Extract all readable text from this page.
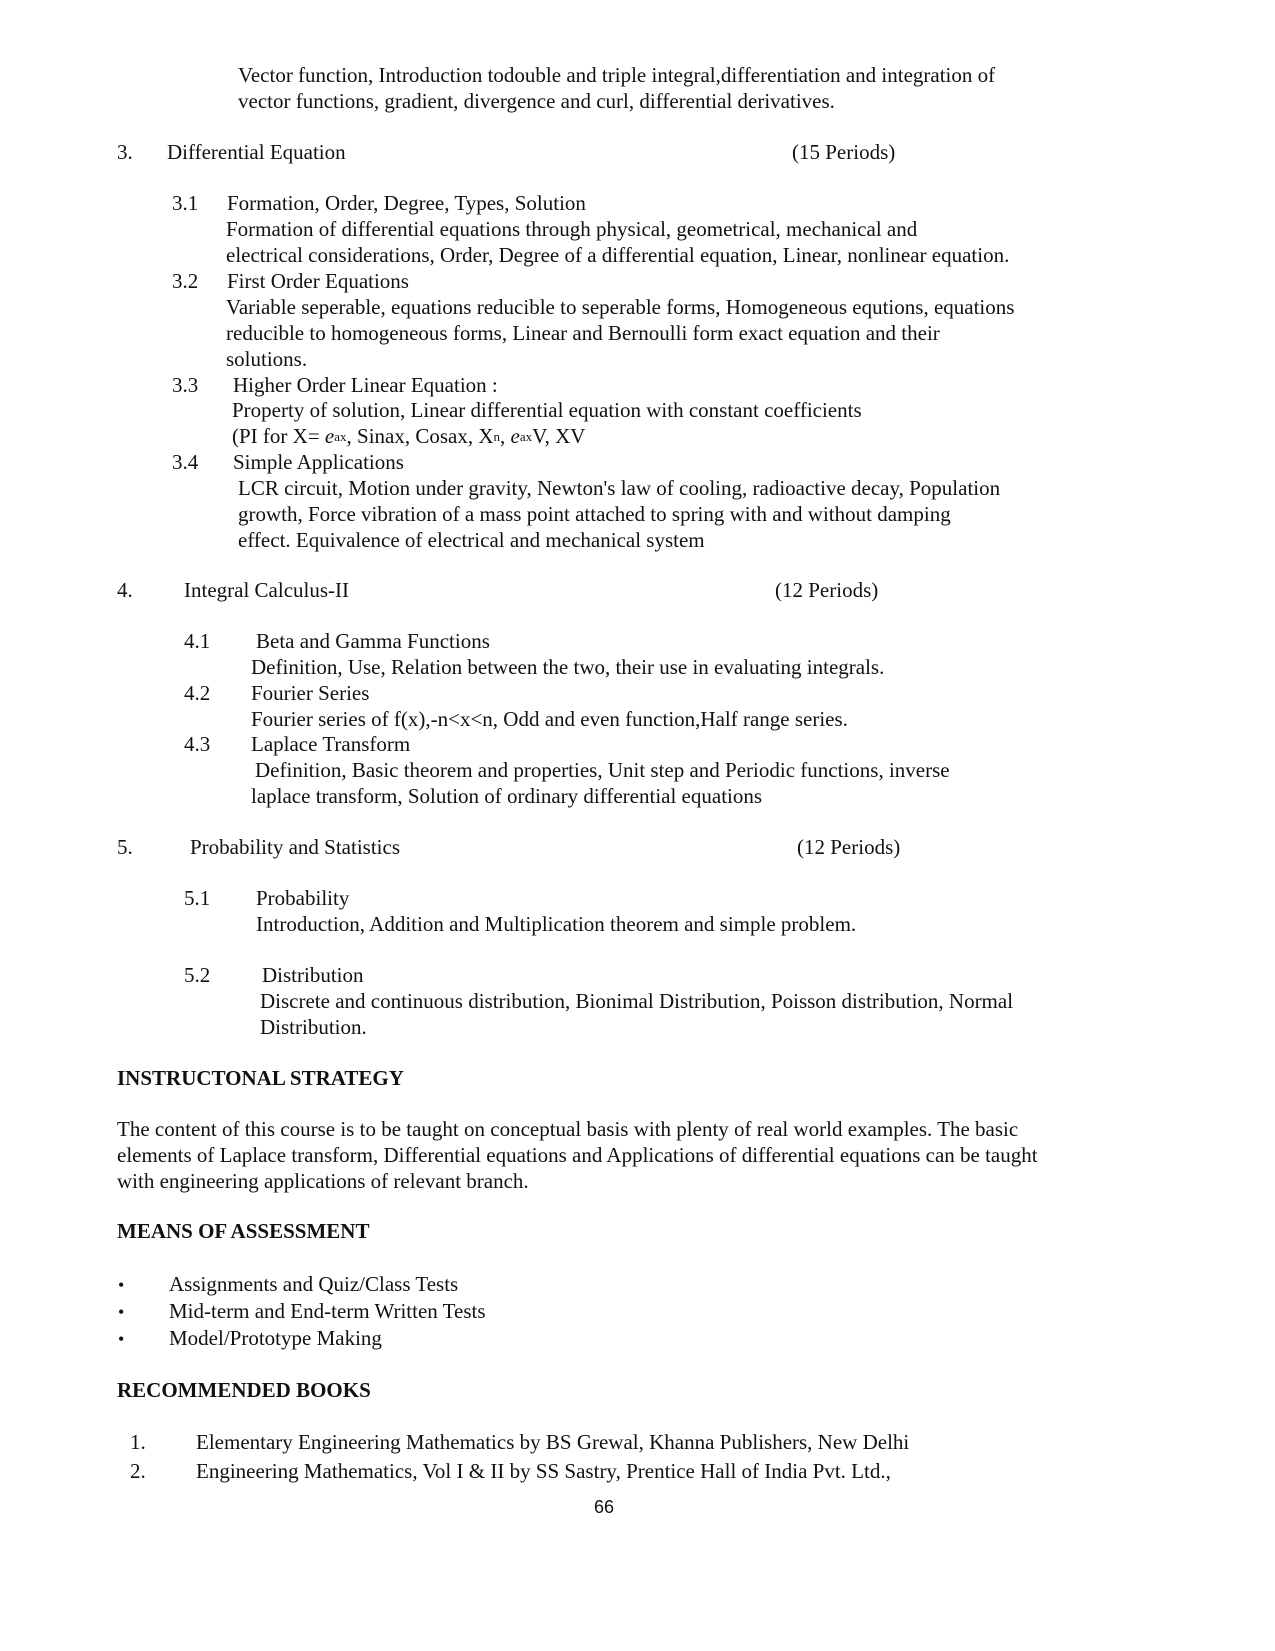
Vector function, Introduction todouble and triple integral,differentiation and integration of
vector functions, gradient, divergence and curl, differential derivatives.
3. Differential Equation	(15 Periods)
3.1 Formation, Order, Degree, Types, Solution
Formation of differential equations through physical, geometrical, mechanical and
electrical considerations, Order, Degree of a differential equation, Linear, nonlinear equation.
3.2 First Order Equations
Variable seperable, equations reducible to seperable forms, Homogeneous equtions, equations
reducible to homogeneous forms, Linear and Bernoulli form exact equation and their
solutions.
3.3 Higher Order Linear Equation :
Property of solution, Linear differential equation with constant coefficients
(PI for $X= e^{ax}$, Sinax, Cosax, $X^n$, $e^{ax}V$, XV
3.4 Simple Applications
LCR circuit, Motion under gravity, Newton's law of cooling, radioactive decay, Population
growth, Force vibration of a mass point attached to spring with and without damping
effect. Equivalence of electrical and mechanical system
4. Integral Calculus-II	(12 Periods)
4.1 Beta and Gamma Functions
Definition, Use, Relation between the two, their use in evaluating integrals.
4.2 Fourier Series
Fourier series of f(x),-n<x<n, Odd and even function,Half range series.
4.3 Laplace Transform
Definition, Basic theorem and properties, Unit step and Periodic functions, inverse
laplace transform, Solution of ordinary differential equations
5.	Probability and Statistics	(12 Periods)
5.1 Probability
Introduction, Addition and Multiplication theorem and simple problem.
5.2 Distribution
Discrete and continuous distribution, Bionimal Distribution, Poisson distribution, Normal
Distribution.
INSTRUCTONAL STRATEGY
The content of this course is to be taught on conceptual basis with plenty of real world examples. The basic
elements of Laplace transform, Differential equations and Applications of differential equations can be taught
with engineering applications of relevant branch.
MEANS OF ASSESSMENT
• Assignments and Quiz/Class Tests
• Mid-term and End-term Written Tests
• Model/Prototype Making
RECOMMENDED BOOKS
1. Elementary Engineering Mathematics by BS Grewal, Khanna Publishers, New Delhi
2. Engineering Mathematics, Vol I & II by SS Sastry, Prentice Hall of India Pvt. Ltd.,
66
